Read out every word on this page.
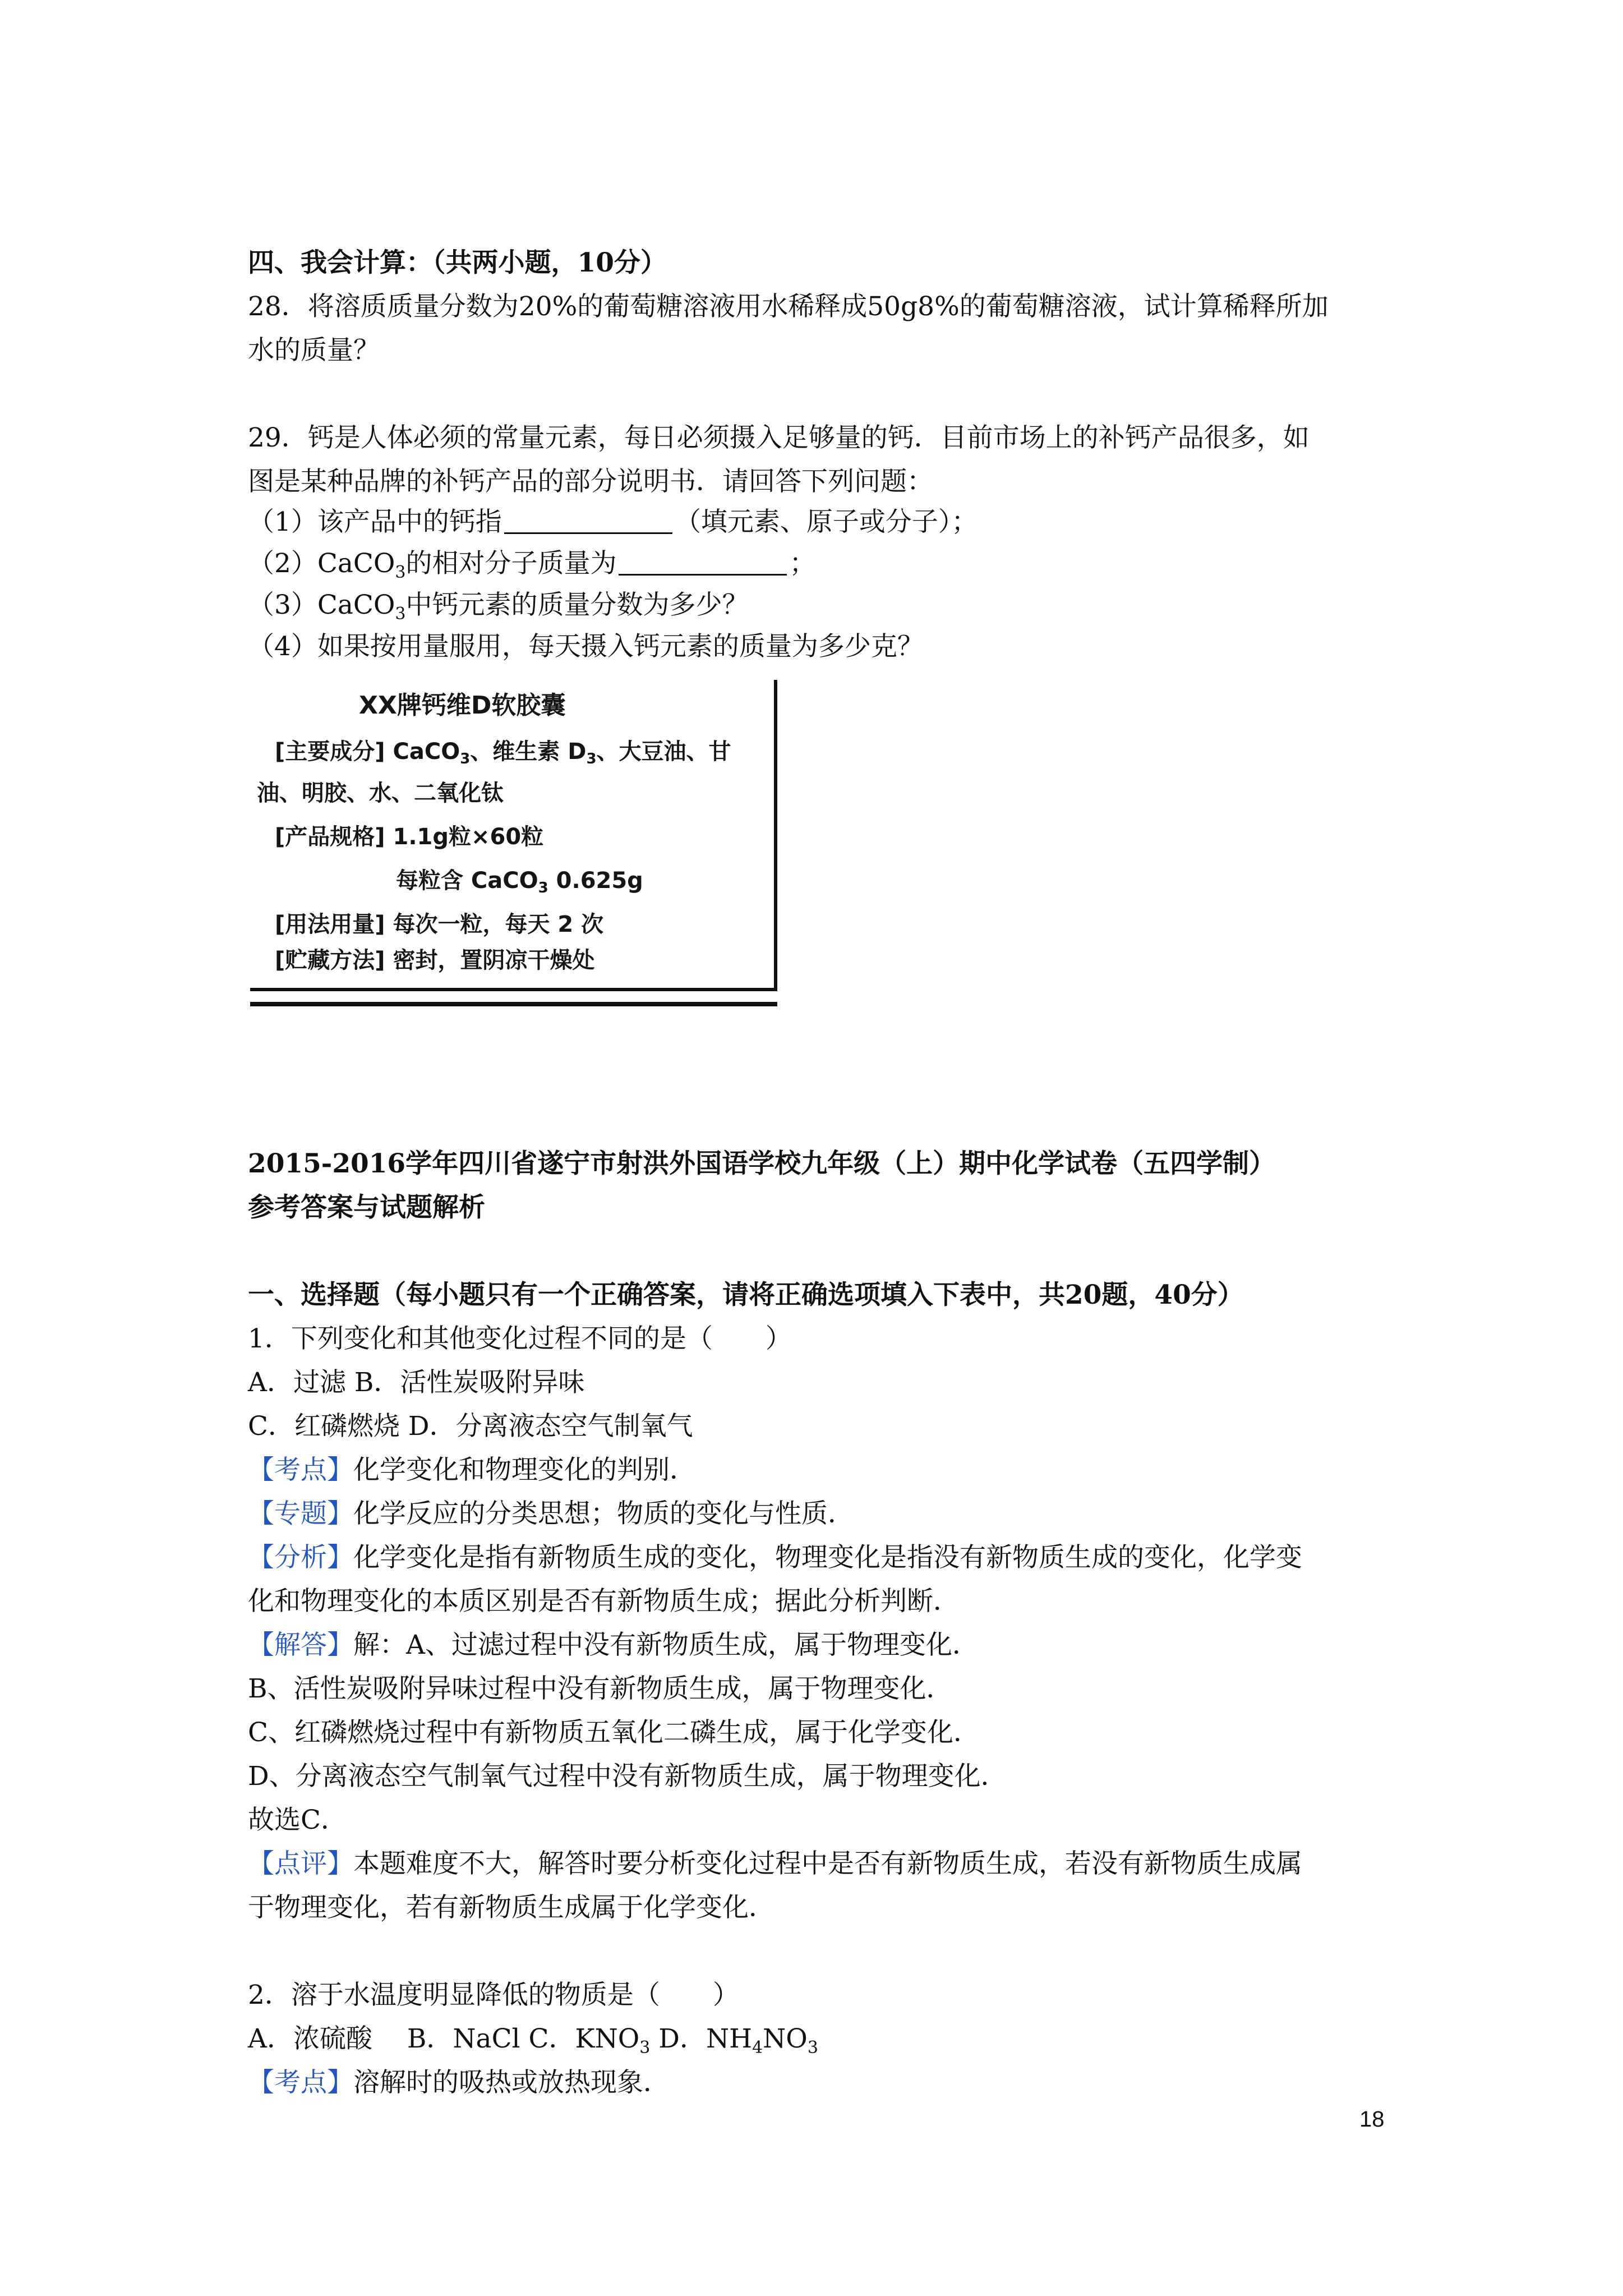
四、我会计算：（共两小题，10分）
28．将溶质质量分数为20%的葡萄糖溶液用水稀释成50g8%的葡萄糖溶液，试计算稀释所加
水的质量？
29．钙是人体必须的常量元素，每日必须摄入足够量的钙．目前市场上的补钙产品很多，如
图是某种品牌的补钙产品的部分说明书．请回答下列问题：
（1）该产品中的钙指	（填元素、原子或分子）；
（2）CaCO$_3$的相对分子质量为	；
（3）CaCO$_3$中钙元素的质量分数为多少？
（4）如果按用量服用，每天摄入钙元素的质量为多少克？
XX牌钙维D软胶囊
[主要成分] CaCO$_3$、维生素 $D_3$、大豆油、甘
油、明胶、水、二氧化钛
[产品规格] 1.1g粒×60粒
每粒含 CaCO$_3$ 0.625g
[用法用量] 每次一粒，每天 2 次
[贮藏方法] 密封，置阴凉干燥处
2015-2016学年四川省遂宁市射洪外国语学校九年级（上）期中化学试卷（五四学制）
参考答案与试题解析
一、选择题（每小题只有一个正确答案，请将正确选项填入下表中，共20题，40分）
1．下列变化和其他变化过程不同的是（　　）
A．过滤 B．活性炭吸附异味
C．红磷燃烧 D．分离液态空气制氧气
【考点】化学变化和物理变化的判别．
【专题】化学反应的分类思想；物质的变化与性质．
【分析】化学变化是指有新物质生成的变化，物理变化是指没有新物质生成的变化，化学变
化和物理变化的本质区别是否有新物质生成；据此分析判断．
【解答】解：A、过滤过程中没有新物质生成，属于物理变化．
B、活性炭吸附异味过程中没有新物质生成，属于物理变化．
C、红磷燃烧过程中有新物质五氧化二磷生成，属于化学变化．
D、分离液态空气制氧气过程中没有新物质生成，属于物理变化．
故选C．
【点评】本题难度不大，解答时要分析变化过程中是否有新物质生成，若没有新物质生成属
于物理变化，若有新物质生成属于化学变化．
2．溶于水温度明显降低的物质是（　　）
A．浓硫酸　 B．NaCl C．$KNO_3$ D．$NH_4NO_3$
【考点】溶解时的吸热或放热现象．
18
